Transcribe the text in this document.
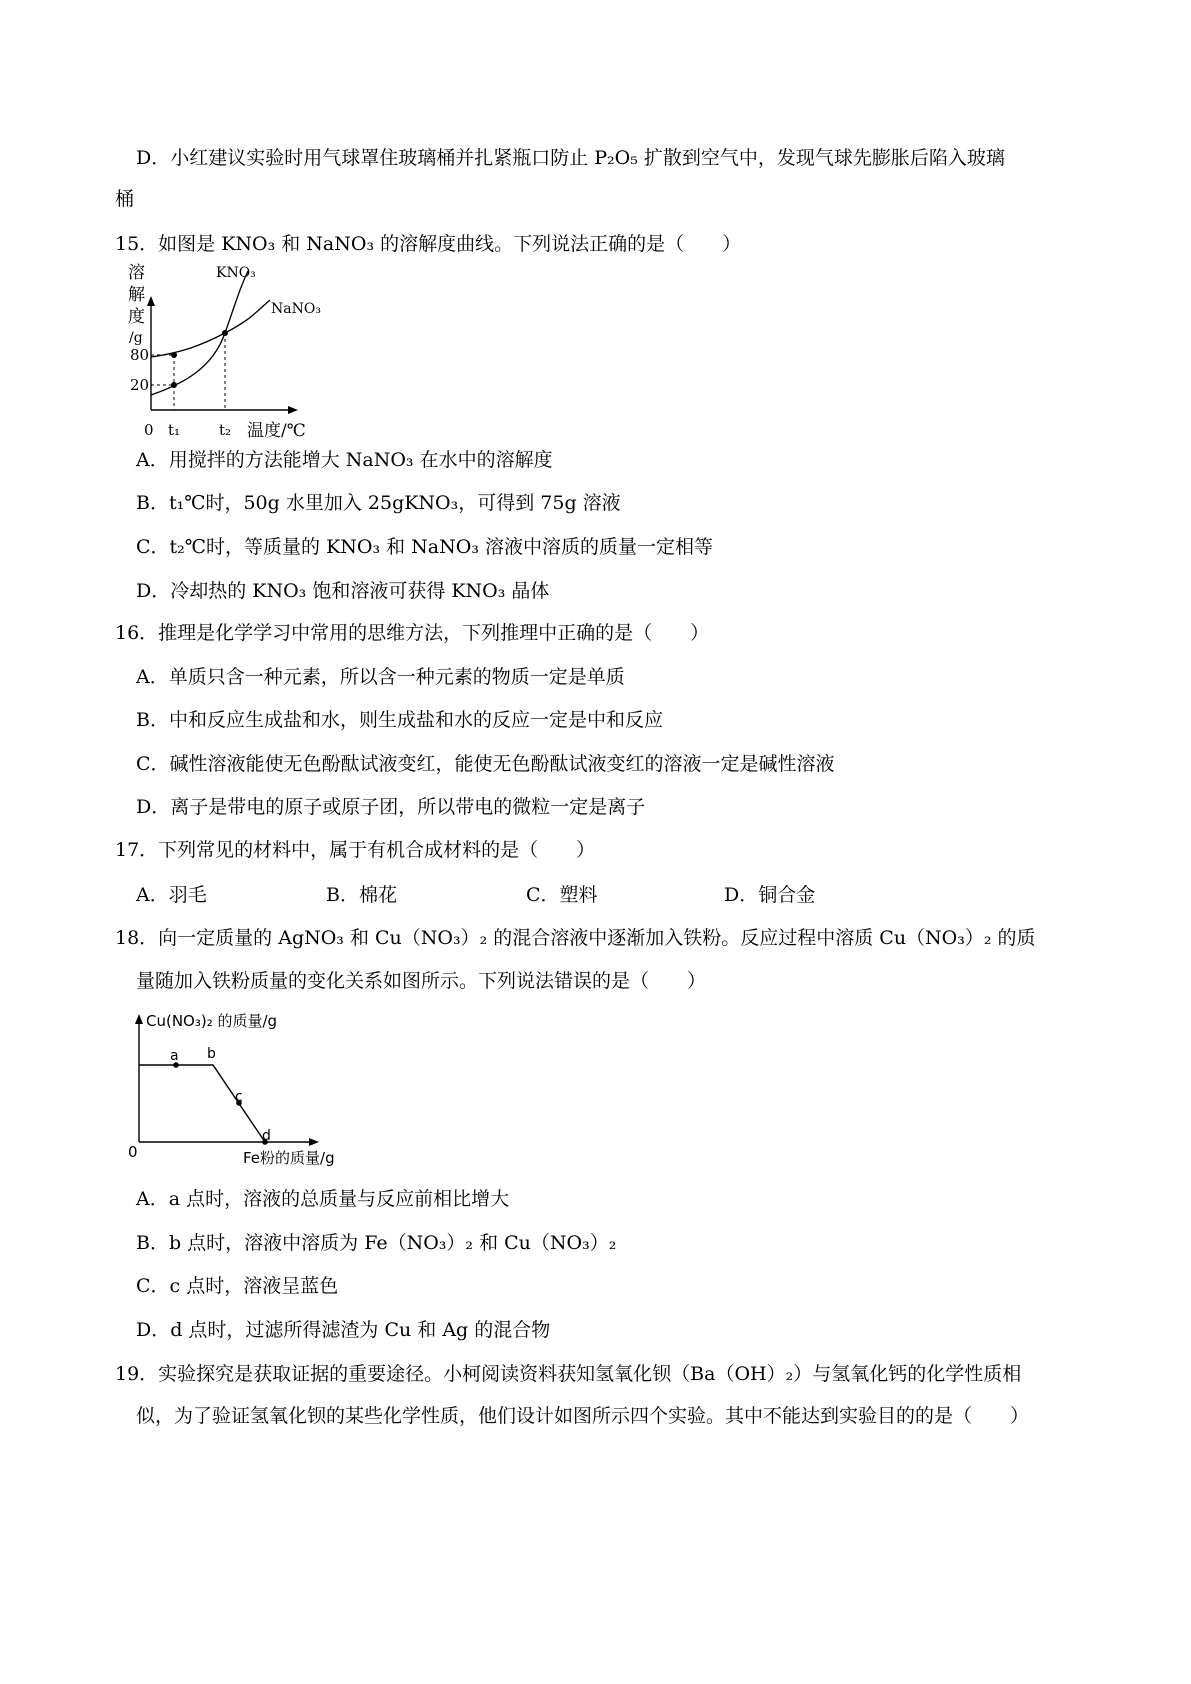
D．小红建议实验时用气球罩住玻璃桶并扎紧瓶口防止 P₂O₅ 扩散到空气中，发现气球先膨胀后陷入玻璃
桶
15．如图是 KNO₃ 和 NaNO₃ 的溶解度曲线。下列说法正确的是（　　）
溶解度/g
80
20
0 t₁	t₂ 温度/℃
KNO₃
NaNO₃
A．用搅拌的方法能增大 NaNO₃ 在水中的溶解度
B．t₁℃时，50g 水里加入 25gKNO₃，可得到 75g 溶液
C．t₂℃时，等质量的 KNO₃ 和 NaNO₃ 溶液中溶质的质量一定相等
D．冷却热的 KNO₃ 饱和溶液可获得 KNO₃ 晶体
16．推理是化学学习中常用的思维方法，下列推理中正确的是（　　）
A．单质只含一种元素，所以含一种元素的物质一定是单质
B．中和反应生成盐和水，则生成盐和水的反应一定是中和反应
C．碱性溶液能使无色酚酞试液变红，能使无色酚酞试液变红的溶液一定是碱性溶液
D．离子是带电的原子或原子团，所以带电的微粒一定是离子
17．下列常见的材料中，属于有机合成材料的是（　　）
A．羽毛	B．棉花	C．塑料	D．铜合金
18．向一定质量的 AgNO₃ 和 Cu（NO₃）₂ 的混合溶液中逐渐加入铁粉。反应过程中溶质 Cu（NO₃）₂ 的质
量随加入铁粉质量的变化关系如图所示。下列说法错误的是（　　）
Cu(NO₃)₂ 的质量/g
a b
c
d
0	Fe粉的质量/g
A．a 点时，溶液的总质量与反应前相比增大
B．b 点时，溶液中溶质为 Fe（NO₃）₂ 和 Cu（NO₃）₂
C．c 点时，溶液呈蓝色
D．d 点时，过滤所得滤渣为 Cu 和 Ag 的混合物
19．实验探究是获取证据的重要途径。小柯阅读资料获知氢氧化钡（Ba（OH）₂）与氢氧化钙的化学性质相
似，为了验证氢氧化钡的某些化学性质，他们设计如图所示四个实验。其中不能达到实验目的的是（　　）
